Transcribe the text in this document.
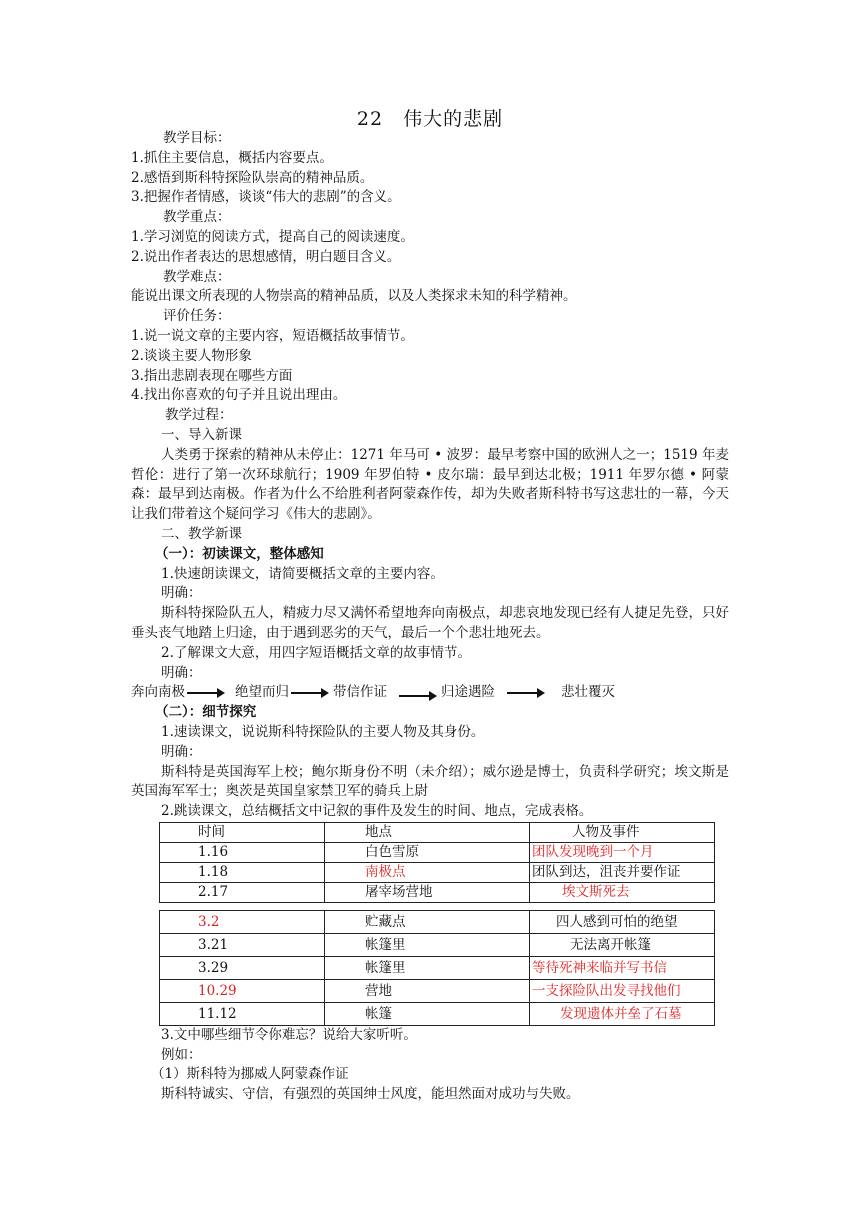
22　伟大的悲剧
教学目标：
1.抓住主要信息，概括内容要点。
2.感悟到斯科特探险队崇高的精神品质。
3.把握作者情感，谈谈“伟大的悲剧”的含义。
教学重点：
1.学习浏览的阅读方式，提高自己的阅读速度。
2.说出作者表达的思想感情，明白题目含义。
教学难点：
能说出课文所表现的人物崇高的精神品质，以及人类探求未知的科学精神。
评价任务：
1.说一说文章的主要内容，短语概括故事情节。
2.谈谈主要人物形象
3.指出悲剧表现在哪些方面
4.找出你喜欢的句子并且说出理由。
教学过程：
一、导入新课
人类勇于探索的精神从未停止：1271 年马可 • 波罗：最早考察中国的欧洲人之一；1519 年麦哲伦：进行了第一次环球航行；1909 年罗伯特 • 皮尔瑞：最早到达北极；1911 年罗尔德 • 阿蒙森：最早到达南极。作者为什么不给胜利者阿蒙森作传，却为失败者斯科特书写这悲壮的一幕，今天让我们带着这个疑问学习《伟大的悲剧》。
二、教学新课
（一）：初读课文，整体感知
1.快速朗读课文，请简要概括文章的主要内容。
明确：
斯科特探险队五人，精疲力尽又满怀希望地奔向南极点，却悲哀地发现已经有人捷足先登，只好垂头丧气地踏上归途，由于遇到恶劣的天气，最后一个个悲壮地死去。
2.了解课文大意，用四字短语概括文章的故事情节。
明确：
奔向南极	绝望而归	带信作证	归途遇险	悲壮覆灭
（二）：细节探究
1.速读课文，说说斯科特探险队的主要人物及其身份。
明确：
斯科特是英国海军上校；鲍尔斯身份不明（未介绍）；威尔逊是博士，负责科学研究；埃文斯是英国海军军士；奥茨是英国皇家禁卫军的骑兵上尉
2.跳读课文，总结概括文中记叙的事件及发生的时间、地点，完成表格。
时间	地点	人物及事件
1.16	白色雪原	团队发现晚到一个月
1.18	南极点	团队到达，沮丧并要作证
2.17	屠宰场营地	埃文斯死去
3.2	贮藏点	四人感到可怕的绝望
3.21	帐篷里	无法离开帐篷
3.29	帐篷里	等待死神来临并写书信
10.29	营地	一支探险队出发寻找他们
11.12	帐篷	发现遗体并垒了石墓
3.文中哪些细节令你难忘？说给大家听听。
例如：
（1）斯科特为挪威人阿蒙森作证
斯科特诚实、守信，有强烈的英国绅士风度，能坦然面对成功与失败。
